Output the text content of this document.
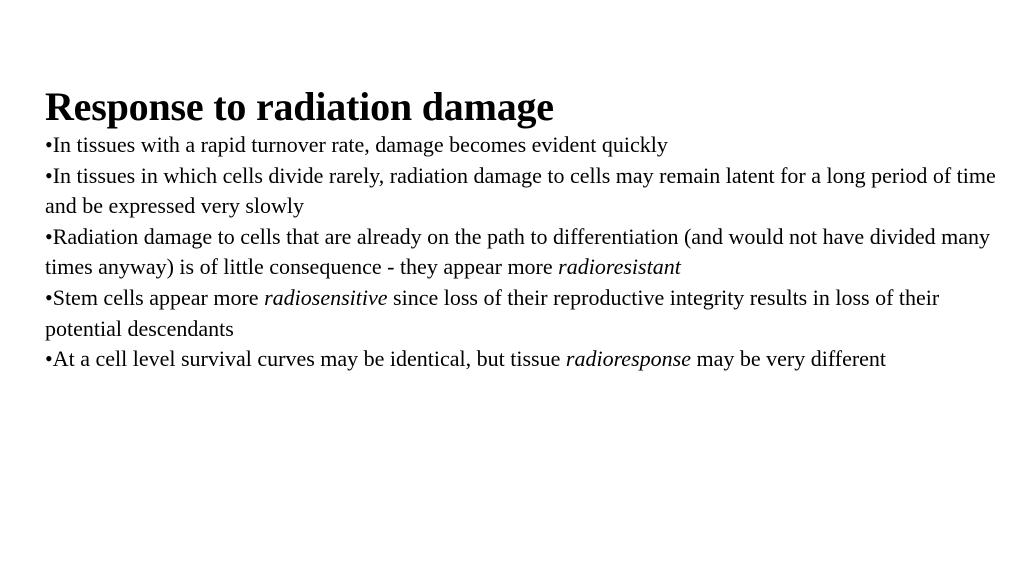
Response to radiation damage
•In tissues with a rapid turnover rate, damage becomes evident quickly
•In tissues in which cells divide rarely, radiation damage to cells may remain latent for a long period of time and be expressed very slowly
•Radiation damage to cells that are already on the path to differentiation (and would not have divided many times anyway) is of little consequence - they appear more radioresistant
•Stem cells appear more radiosensitive since loss of their reproductive integrity results in loss of their potential descendants
•At a cell level survival curves may be identical, but tissue radioresponse may be very different
